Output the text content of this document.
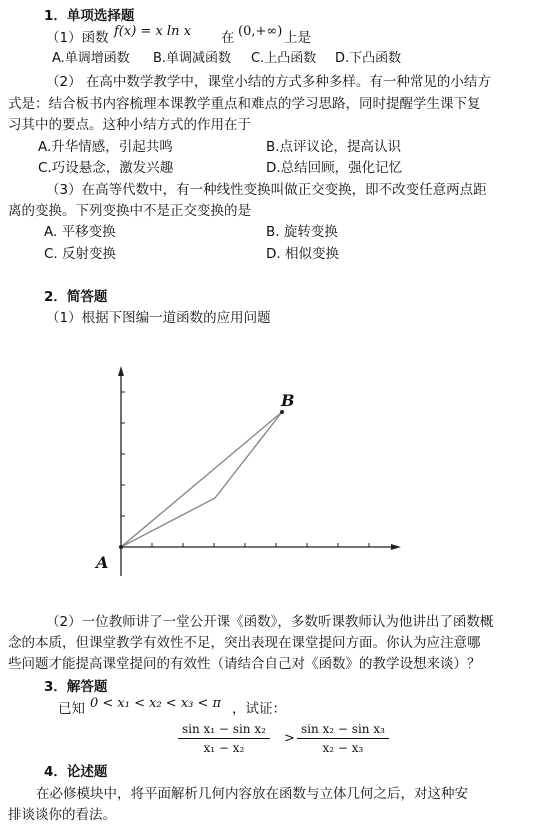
1．单项选择题
（1）函数 f(x) = x ln x 在 (0,+∞) 上是
A.单调增函数 B.单调减函数 C.上凸函数 D.下凸函数
（2） 在高中数学教学中，课堂小结的方式多种多样。有一种常见的小结方
式是：结合板书内容梳理本课教学重点和难点的学习思路，同时提醒学生课下复
习其中的要点。这种小结方式的作用在于
A.升华情感，引起共鸣	B.点评议论，提高认识
C.巧设悬念，激发兴趣	D.总结回顾，强化记忆
（3）在高等代数中，有一种线性变换叫做正交变换，即不改变任意两点距
离的变换。下列变换中不是正交变换的是
A. 平移变换	B. 旋转变换
C. 反射变换	D. 相似变换
2．简答题
（1）根据下图编一道函数的应用问题
A
B
（2）一位教师讲了一堂公开课《函数》，多数听课教师认为他讲出了函数概
念的本质，但课堂教学有效性不足，突出表现在课堂提问方面。你认为应注意哪
些问题才能提高课堂提问的有效性（请结合自己对《函数》的教学设想来谈）？
3．解答题
已知 0 < x₁ < x₂ < x₃ < π ，试证：
$\frac{\text{sin x₁ − sin x₂}}{\text{x₁ − x₂}} > \frac{\text{sin x₂ − sin x₃}}{\text{x₂ − x₃}}$
4．论述题
在必修模块中，将平面解析几何内容放在函数与立体几何之后，对这种安
排谈谈你的看法。
